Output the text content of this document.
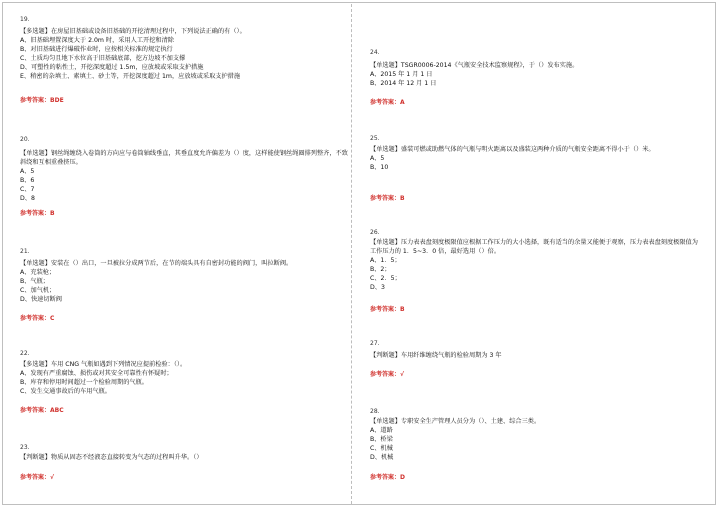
19.
【多选题】在房屋旧基础或设备旧基础的开挖清理过程中，下列说法正确的有（）。
A、旧基础埋置深度大于 2.0m 时，采用人工开挖和清除
B、对旧基础进行爆破作业时，应按相关标准的规定执行
C、土质均匀且地下水位高于旧基础底部，挖方边坡不加支撑
D、可塑性的粘性土，开挖深度超过 1.5m，应放坡或采取支护措施
E、稍密的杂填土、素填土、砂土等，开挖深度超过 1m，应放坡或采取支护措施
参考答案：BDE
20.
【单选题】钢丝绳缠绕入卷筒的方向应与卷筒轴线垂直，其垂直度允许偏差为（）度，这样能使钢丝绳圈排列整齐，不致斜绕和互相重叠挤压。
A、5
B、6
C、7
D、8
参考答案：B
21.
【单选题】安装在（）出口，一旦被拉分成两节后，在节的端头具有自密封功能的阀门，叫拉断阀。
A、充装枪；
B、气瓶；
C、加气机；
D、快速切断阀
参考答案：C
22.
【多选题】车用 CNG 气瓶如遇到下列情况应提前检验：（）。
A、发现有严重腐蚀、损伤或对其安全可靠性有怀疑时；
B、库存和停用时间超过一个检验周期的气瓶。
C、发生交通事故后的车用气瓶。
参考答案：ABC
23.
【判断题】物质从固态不经液态直接转变为气态的过程叫升华。（）
参考答案：√
24.
【单选题】TSGR0006-2014《气瓶安全技术监察规程》，于（）发布实施。
A、2015 年 1 月 1 日
B、2014 年 12 月 1 日
参考答案：A
25.
【单选题】盛装可燃或助燃气体的气瓶与明火距离以及盛装这两种介质的气瓶安全距离不得小于（）米。
A、5
B、10
参考答案：B
26.
【单选题】压力表表盘刻度极限值应根据工作压力的大小选择，既有适当的余量又能便于观察，压力表表盘刻度极限值为工作压力的 1．5~3．0 倍，最好选用（）倍。
A、1．5；
B、2；
C、2．5；
D、3
参考答案：B
27.
【判断题】车用纤维缠绕气瓶的检验周期为 3 年
参考答案：√
28.
【单选题】专职安全生产管理人员分为（）、土建、综合三类。
A、道路
B、桥梁
C、机械
D、机械
参考答案：D
